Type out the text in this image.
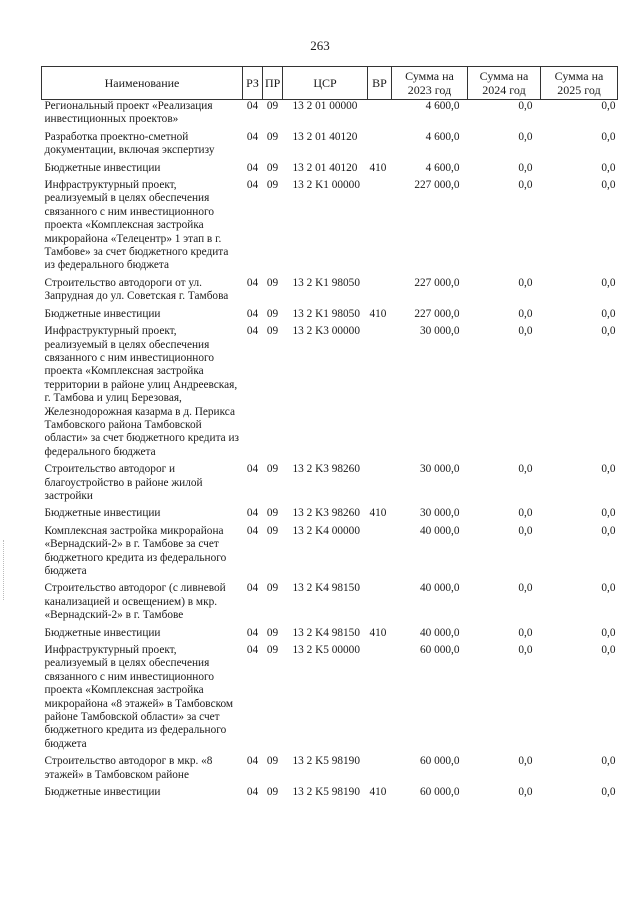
263
Наименование	РЗ	ПР	ЦСР	ВР	Сумма на 2023 год	Сумма на 2024 год	Сумма на 2025 год
Региональный проект «Реализация инвестиционных проектов»	04	09	13 2 01 00000		4 600,0	0,0	0,0
Разработка проектно-сметной документации, включая экспертизу	04	09	13 2 01 40120		4 600,0	0,0	0,0
Бюджетные инвестиции	04	09	13 2 01 40120	410	4 600,0	0,0	0,0
Инфраструктурный проект, реализуемый в целях обеспечения связанного с ним инвестиционного проекта «Комплексная застройка микрорайона «Телецентр» 1 этап в г. Тамбове» за счет бюджетного кредита из федерального бюджета	04	09	13 2 K1 00000		227 000,0	0,0	0,0
Строительство автодороги от ул. Запрудная до ул. Советская г. Тамбова	04	09	13 2 K1 98050		227 000,0	0,0	0,0
Бюджетные инвестиции	04	09	13 2 K1 98050	410	227 000,0	0,0	0,0
Инфраструктурный проект, реализуемый в целях обеспечения связанного с ним инвестиционного проекта «Комплексная застройка территории в районе улиц Андреевская, г. Тамбова и улиц Березовая, Железнодорожная казарма в д. Перикса Тамбовского района Тамбовской области» за счет бюджетного кредита из федерального бюджета	04	09	13 2 K3 00000		30 000,0	0,0	0,0
Строительство автодорог и благоустройство в районе жилой застройки	04	09	13 2 K3 98260		30 000,0	0,0	0,0
Бюджетные инвестиции	04	09	13 2 K3 98260	410	30 000,0	0,0	0,0
Комплексная застройка микрорайона «Вернадский-2» в г. Тамбове за счет бюджетного кредита из федерального бюджета	04	09	13 2 K4 00000		40 000,0	0,0	0,0
Строительство автодорог (с ливневой канализацией и освещением) в мкр. «Вернадский-2» в г. Тамбове	04	09	13 2 K4 98150		40 000,0	0,0	0,0
Бюджетные инвестиции	04	09	13 2 K4 98150	410	40 000,0	0,0	0,0
Инфраструктурный проект, реализуемый в целях обеспечения связанного с ним инвестиционного проекта «Комплексная застройка микрорайона «8 этажей» в Тамбовском районе Тамбовской области» за счет бюджетного кредита из федерального бюджета	04	09	13 2 K5 00000		60 000,0	0,0	0,0
Строительство автодорог в мкр. «8 этажей» в Тамбовском районе	04	09	13 2 K5 98190		60 000,0	0,0	0,0
Бюджетные инвестиции	04	09	13 2 K5 98190	410	60 000,0	0,0	0,0
